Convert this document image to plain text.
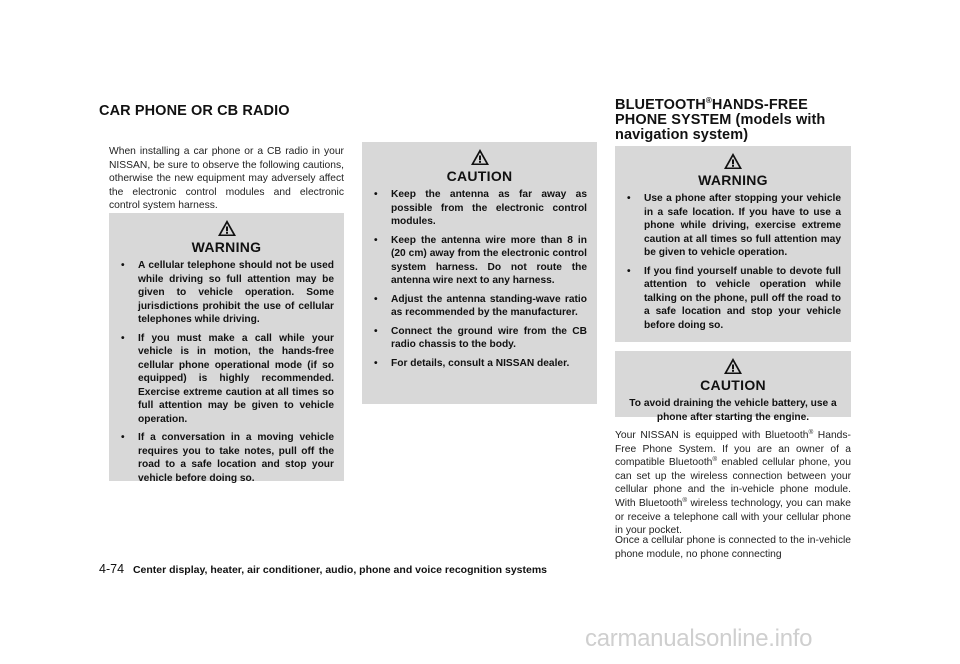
CAR PHONE OR CB RADIO

When installing a car phone or a CB radio in your NISSAN, be sure to observe the following cautions, otherwise the new equipment may adversely affect the electronic control modules and electronic control system harness.

WARNING
• A cellular telephone should not be used while driving so full attention may be given to vehicle operation. Some jurisdictions prohibit the use of cellular telephones while driving.
• If you must make a call while your vehicle is in motion, the hands-free cellular phone operational mode (if so equipped) is highly recommended. Exercise extreme caution at all times so full attention may be given to vehicle operation.
• If a conversation in a moving vehicle requires you to take notes, pull off the road to a safe location and stop your vehicle before doing so.
CAUTION
• Keep the antenna as far away as possible from the electronic control modules.
• Keep the antenna wire more than 8 in (20 cm) away from the electronic control system harness. Do not route the antenna wire next to any harness.
• Adjust the antenna standing-wave ratio as recommended by the manufacturer.
• Connect the ground wire from the CB radio chassis to the body.
• For details, consult a NISSAN dealer.
BLUETOOTH®HANDS-FREE PHONE SYSTEM (models with navigation system)
WARNING
• Use a phone after stopping your vehicle in a safe location. If you have to use a phone while driving, exercise extreme caution at all times so full attention may be given to vehicle operation.
• If you find yourself unable to devote full attention to vehicle operation while talking on the phone, pull off the road to a safe location and stop your vehicle before doing so.
CAUTION

To avoid draining the vehicle battery, use a phone after starting the engine.

Your NISSAN is equipped with Bluetooth® Hands-Free Phone System. If you are an owner of a compatible Bluetooth® enabled cellular phone, you can set up the wireless connection between your cellular phone and the in-vehicle phone module. With Bluetooth® wireless technology, you can make or receive a telephone call with your cellular phone in your pocket.

Once a cellular phone is connected to the in-vehicle phone module, no phone connecting

4-74 Center display, heater, air conditioner, audio, phone and voice recognition systems
carmanualsonline.info
